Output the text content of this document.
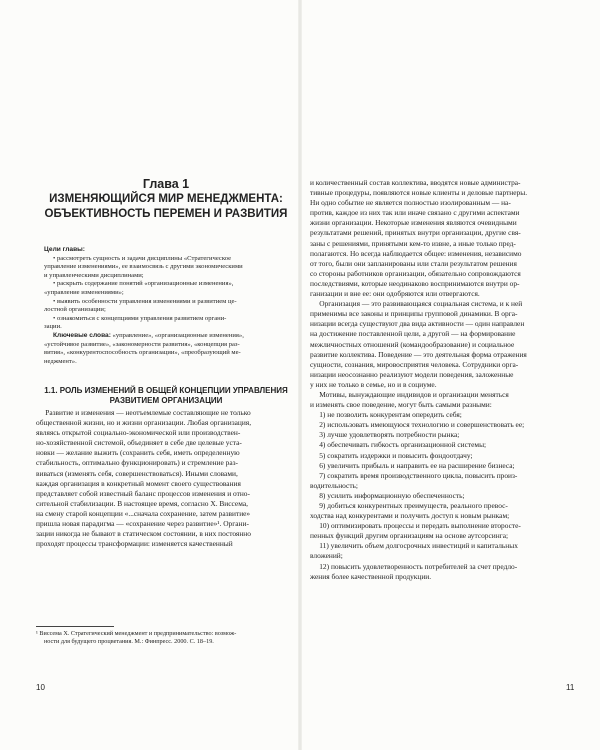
Глава 1
ИЗМЕНЯЮЩИЙСЯ МИР МЕНЕДЖМЕНТА:
ОБЪЕКТИВНОСТЬ ПЕРЕМЕН И РАЗВИТИЯ
Цели главы:
• рассмотреть сущность и задачи дисциплины «Стратегическое
управление изменениями», ее взаимосвязь с другими экономическими
и управленческими дисциплинами;
• раскрыть содержание понятий «организационные изменения»,
«управление изменениями»;
• выявить особенности управления изменениями и развитием це-
лостной организации;
• ознакомиться с концепциями управления развитием органи-
зации.
Ключевые слова: «управление», «организационные изменения»,
«устойчивое развитие», «закономерности развития», «концепция раз-
вития», «конкурентоспособность организации», «преобразующий ме-
неджмент».
1.1. РОЛЬ ИЗМЕНЕНИЙ В ОБЩЕЙ КОНЦЕПЦИИ УПРАВЛЕНИЯ
РАЗВИТИЕМ ОРГАНИЗАЦИИ
Развитие и изменения — неотъемлемые составляющие не только
общественной жизни, но и жизни организации. Любая организация,
являясь открытой социально-экономической или производствен-
но-хозяйственной системой, объединяет в себе две целевые уста-
новки — желание выжить (сохранить себя, иметь определенную
стабильность, оптимально функционировать) и стремление раз-
виваться (изменять себя, совершенствоваться). Иными словами,
каждая организация в конкретный момент своего существования
представляет собой известный баланс процессов изменения и отно-
сительной стабилизации. В настоящее время, согласно Х. Виссема,
на смену старой концепции «...сначала сохранение, затем развитие»
пришла новая парадигма — «сохранение через развитие»¹. Органи-
зации никогда не бывают в статическом состоянии, в них постоянно
проходят процессы трансформации: изменяется качественный
¹ Виссема Х. Стратегический менеджмент и предпринимательство: возмож-
ности для будущего процветания. М.: Финпресс. 2000. С. 18–19.
10
и количественный состав коллектива, вводятся новые администра-
тивные процедуры, появляются новые клиенты и деловые партнеры.
Ни одно событие не является полностью изолированным — на-
против, каждое из них так или иначе связано с другими аспектами
жизни организации. Некоторые изменения являются очевидными
результатами решений, принятых внутри организации, другие свя-
заны с решениями, принятыми кем-то извне, а иные только пред-
полагаются. Но всегда наблюдается общее: изменения, независимо
от того, были они запланированы или стали результатом решения
со стороны работников организации, обязательно сопровождаются
последствиями, которые неодинаково воспринимаются внутри ор-
ганизации и вне ее: они одобряются или отвергаются.
Организация — это развивающаяся социальная система, и к ней
применимы все законы и принципы групповой динамики. В орга-
низации всегда существуют два вида активности — один направлен
на достижение поставленной цели, а другой — на формирование
межличностных отношений (командообразование) и социальное
развитие коллектива. Поведение — это деятельная форма отражения
сущности, сознания, мировосприятия человека. Сотрудники орга-
низации неосознанно реализуют модели поведения, заложенные
у них не только в семье, но и в социуме.
Мотивы, вынуждающие индивидов и организации меняться
и изменять свое поведение, могут быть самыми разными:
1) не позволить конкурентам опередить себя;
2) использовать имеющуюся технологию и совершенствовать ее;
3) лучше удовлетворять потребности рынка;
4) обеспечивать гибкость организационной системы;
5) сократить издержки и повысить фондоотдачу;
6) увеличить прибыль и направить ее на расширение бизнеса;
7) сократить время производственного цикла, повысить произ-
водительность;
8) усилить информационную обеспеченность;
9) добиться конкурентных преимуществ, реального превос-
ходства над конкурентами и получить доступ к новым рынкам;
10) оптимизировать процессы и передать выполнение второсте-
пенных функций другим организациям на основе аутсорсинга;
11) увеличить объем долгосрочных инвестиций и капитальных
вложений;
12) повысить удовлетворенность потребителей за счет предло-
жения более качественной продукции.
11
